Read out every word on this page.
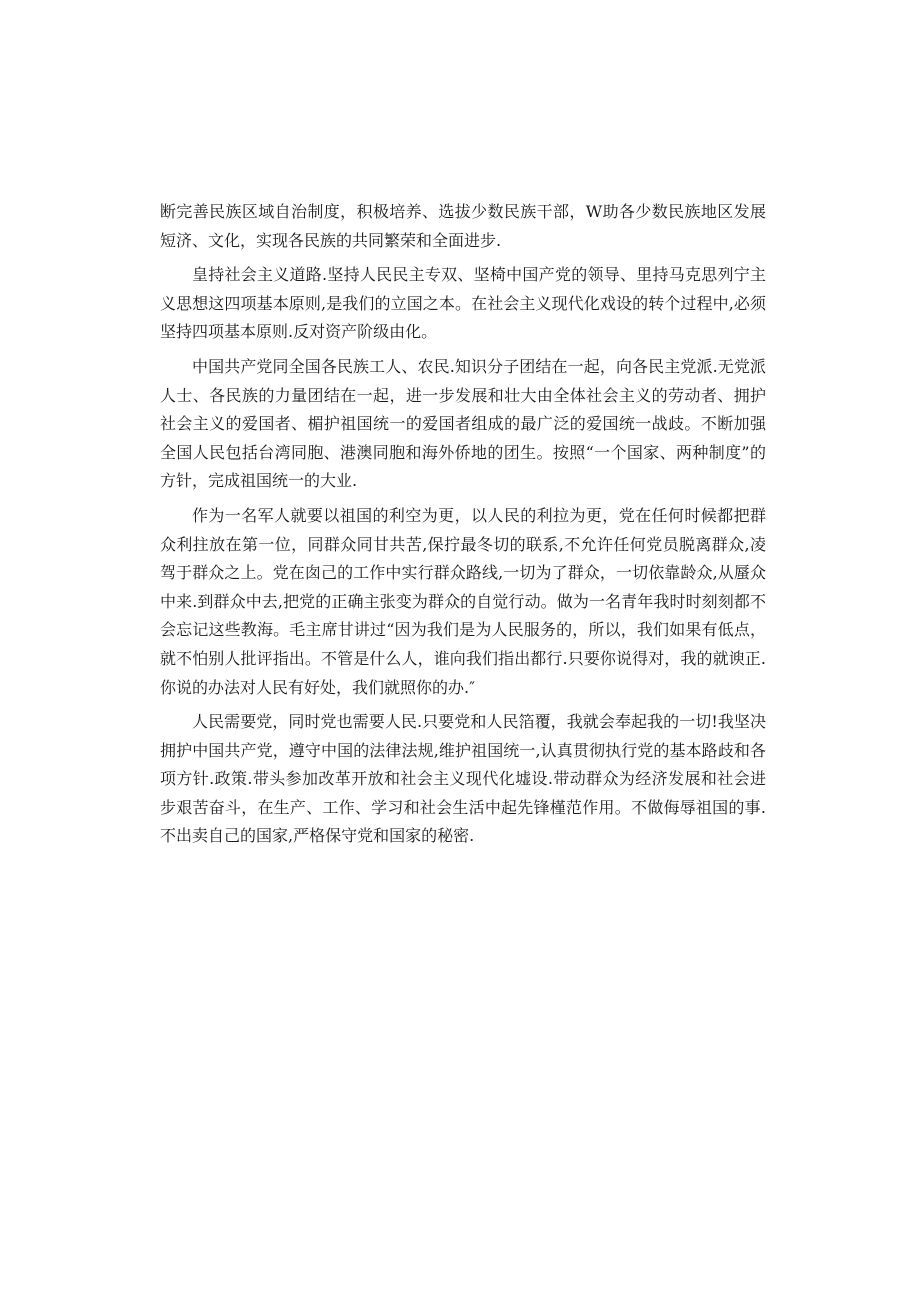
断完善民族区域自治制度，积极培养、选拔少数民族干部，W助各少数民族地区发展短济、文化，实现各民族的共同繁荣和全面进步.

皇持社会主义道路.坚持人民民主专双、坚椅中国产党的领导、里持马克思列宁主义思想这四项基本原则,是我们的立国之本。在社会主义现代化戏设的转个过程中,必须坚持四项基本原则.反对资产阶级由化。

中国共产党同全国各民族工人、农民.知识分子团结在一起，向各民主党派.无党派人士、各民族的力量团结在一起，进一步发展和壮大由全体社会主义的劳动者、拥护社会主义的爱国者、楣护祖国统一的爱国者组成的最广泛的爱国统一战歧。不断加强全国人民包括台湾同胞、港澳同胞和海外侨地的团生。按照“一个国家、两种制度”的方针，完成祖国统一的大业.

作为一名军人就要以祖国的利空为更，以人民的利拉为更，党在任何时候都把群众利拄放在第一位，同群众同甘共苦,保拧最冬切的联系,不允许任何党员脱离群众,凌驾于群众之上。党在囱己的工作中实行群众路线,一切为了群众，一切依靠龄众,从蜃众中来.到群众中去,把党的正确主张变为群众的自觉行动。做为一名青年我时时刻刻都不会忘记这些教海。毛主席甘讲过“因为我们是为人民服务的，所以，我们如果有低点，就不怕别人批评指出。不管是什么人，谁向我们指出都行.只要你说得对，我的就谀正.你说的办法对人民有好处，我们就照你的办.″

人民需要党，同时党也需要人民.只要党和人民箔覆，我就会奉起我的一切!我坚决拥护中国共产党，遵守中国的法律法规,维护祖国统一,认真贯彻执行党的基本路歧和各项方针.政策.带头参加改革开放和社会主义现代化墟设.带动群众为经济发展和社会进步艰苦奋斗，在生产、工作、学习和社会生活中起先锋槿范作用。不做侮辱祖国的事.不出卖自己的国家,严格保守党和国家的秘密.
